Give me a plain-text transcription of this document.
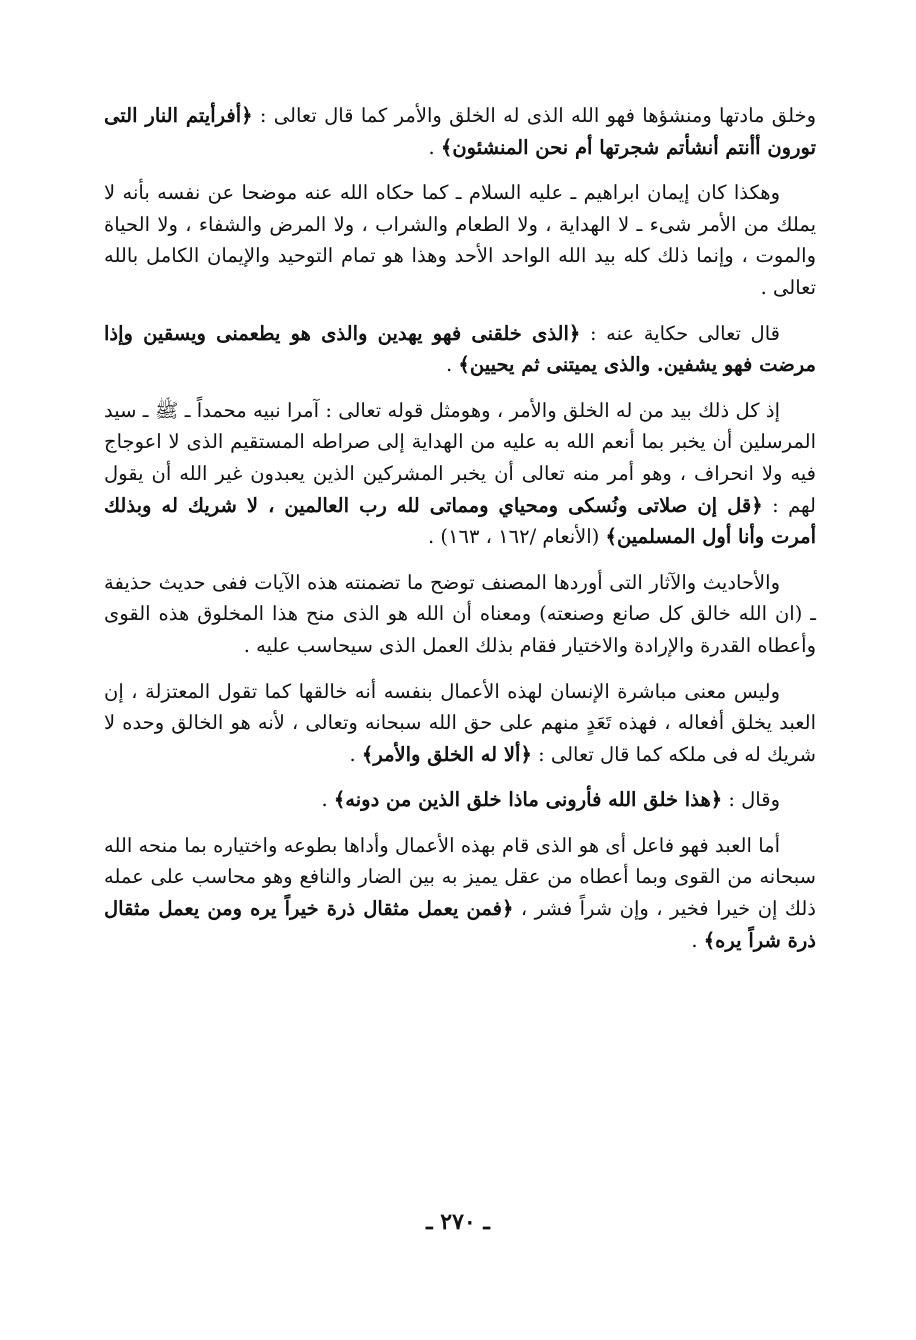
وخلق مادتها ومنشؤها فهو الله الذى له الخلق والأمر كما قال تعالى : ﴿أفرأيتم النار التى تورون أأنتم أنشأتم شجرتها أم نحن المنشئون﴾ .

وهكذا كان إيمان ابراهيم ـ عليه السلام ـ كما حكاه الله عنه موضحا عن نفسه بأنه لا يملك من الأمر شىء ـ لا الهداية ، ولا الطعام والشراب ، ولا المرض والشفاء ، ولا الحياة والموت ، وإنما ذلك كله بيد الله الواحد الأحد وهذا هو تمام التوحيد والإيمان الكامل بالله تعالى .

قال تعالى حكاية عنه : ﴿الذى خلقنى فهو يهدين والذى هو يطعمنى ويسقين وإذا مرضت فهو يشفين. والذى يميتنى ثم يحيين﴾ .

إذ كل ذلك بيد من له الخلق والأمر ، وهومثل قوله تعالى : آمرا نبيه محمداً ـ ﷺ ـ سيد المرسلين أن يخبر بما أنعم الله به عليه من الهداية إلى صراطه المستقيم الذى لا اعوجاج فيه ولا انحراف ، وهو أمر منه تعالى أن يخبر المشركين الذين يعبدون غير الله أن يقول لهم : ﴿قل إن صلاتى ونُسكى ومحياي ومماتى لله رب العالمين ، لا شريك له وبذلك أمرت وأنا أول المسلمين﴾ (الأنعام /١٦٢ ، ١٦٣) .

والأحاديث والآثار التى أوردها المصنف توضح ما تضمنته هذه الآيات ففى حديث حذيفة ـ (ان الله خالق كل صانع وصنعته) ومعناه أن الله هو الذى منح هذا المخلوق هذه القوى وأعطاه القدرة والإرادة والاختيار فقام بذلك العمل الذى سيحاسب عليه .

وليس معنى مباشرة الإنسان لهذه الأعمال بنفسه أنه خالقها كما تقول المعتزلة ، إن العبد يخلق أفعاله ، فهذه تَعَدٍ منهم على حق الله سبحانه وتعالى ، لأنه هو الخالق وحده لا شريك له فى ملكه كما قال تعالى : ﴿ألا له الخلق والأمر﴾ .

وقال : ﴿هذا خلق الله فأرونى ماذا خلق الذين من دونه﴾ .

أما العبد فهو فاعل أى هو الذى قام بهذه الأعمال وأداها بطوعه واختياره بما منحه الله سبحانه من القوى وبما أعطاه من عقل يميز به بين الضار والنافع وهو محاسب على عمله ذلك إن خيرا فخير ، وإن شراً فشر ، ﴿فمن يعمل مثقال ذرة خيراً يره ومن يعمل مثقال ذرة شراً يره﴾ .

ـ ٢٧٠ ـ
